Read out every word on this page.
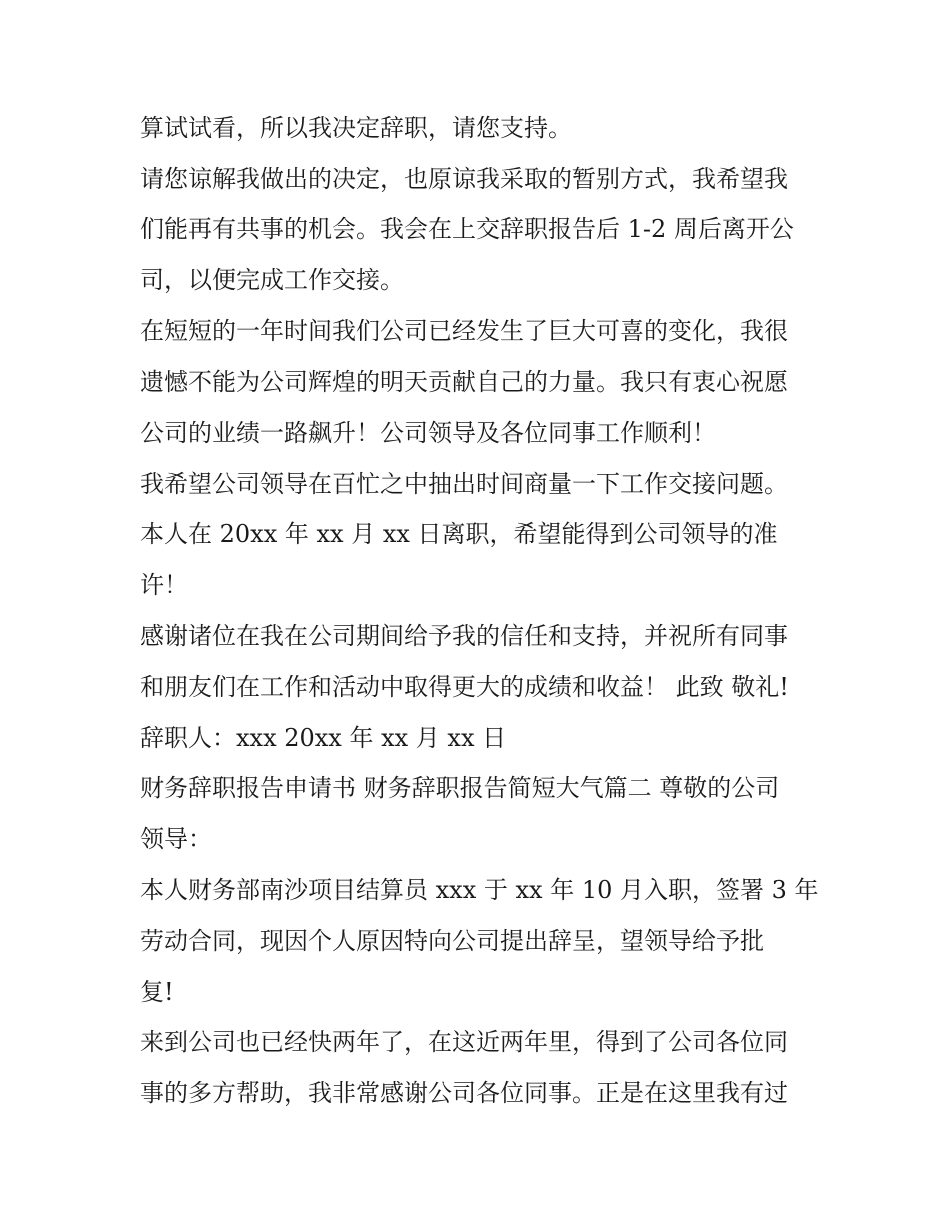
算试试看，所以我决定辞职，请您支持。

请您谅解我做出的决定，也原谅我采取的暂别方式，我希望我

们能再有共事的机会。我会在上交辞职报告后 1-2 周后离开公

司，以便完成工作交接。

在短短的一年时间我们公司已经发生了巨大可喜的变化，我很

遗憾不能为公司辉煌的明天贡献自己的力量。我只有衷心祝愿

公司的业绩一路飙升！公司领导及各位同事工作顺利！

我希望公司领导在百忙之中抽出时间商量一下工作交接问题。

本人在 20xx 年 xx 月 xx 日离职，希望能得到公司领导的准

许！

感谢诸位在我在公司期间给予我的信任和支持，并祝所有同事

和朋友们在工作和活动中取得更大的成绩和收益！ 此致 敬礼!

辞职人：xxx 20xx 年 xx 月 xx 日

财务辞职报告申请书 财务辞职报告简短大气篇二 尊敬的公司

领导：

本人财务部南沙项目结算员 xxx 于 xx 年 10 月入职，签署 3 年

劳动合同，现因个人原因特向公司提出辞呈，望领导给予批

复!

来到公司也已经快两年了，在这近两年里，得到了公司各位同

事的多方帮助，我非常感谢公司各位同事。正是在这里我有过
